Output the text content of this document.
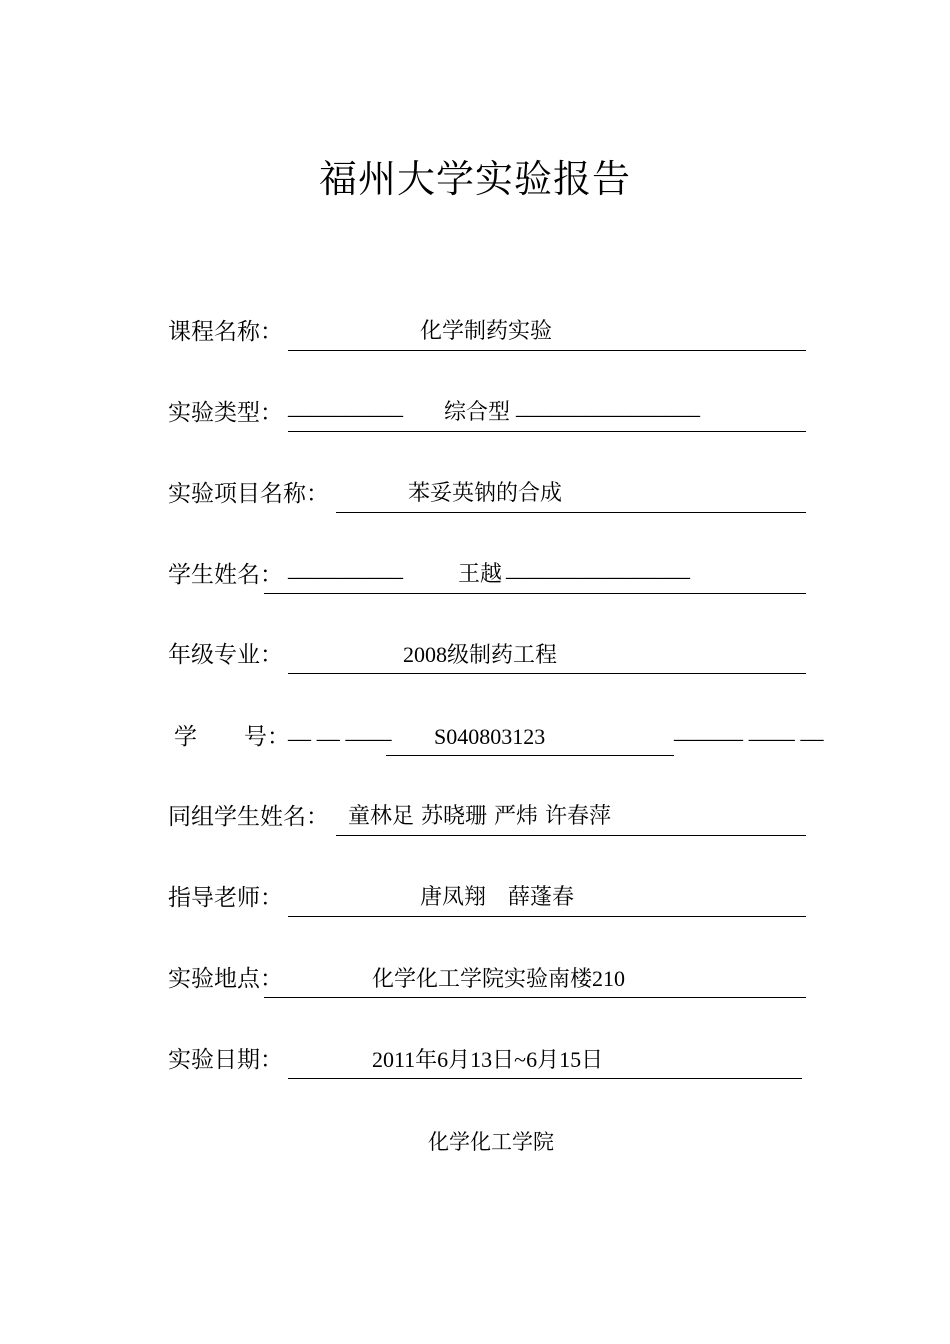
福州大学实验报告
课程名称：	化学制药实验
实验类型： __________ 综合型 ________________
实验项目名称：	苯妥英钠的合成
学生姓名： __________	王越 ________________
年级专业：	2008级制药工程
学 号：
__ __ ____ S040803123	______ ____ __
同组学生姓名： 童林足 苏晓珊 严炜 许春萍
指导老师：	唐凤翔　薛蓬春
实验地点：	化学化工学院实验南楼210
实验日期：	2011年6月13日~6月15日
化学化工学院
